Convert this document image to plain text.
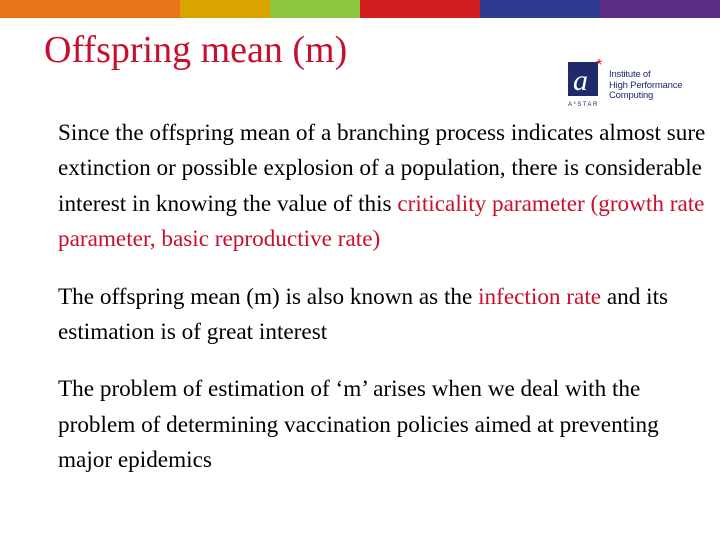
Offspring mean (m)
a *
A*STAR
Institute of
High Performance
Computing

Since the offspring mean of a branching process indicates almost sure extinction or possible explosion of a population, there is considerable interest in knowing the value of this criticality parameter (growth rate parameter, basic reproductive rate)

The offspring mean (m) is also known as the infection rate and its estimation is of great interest

The problem of estimation of ‘m’ arises when we deal with the problem of determining vaccination policies aimed at preventing major epidemics
